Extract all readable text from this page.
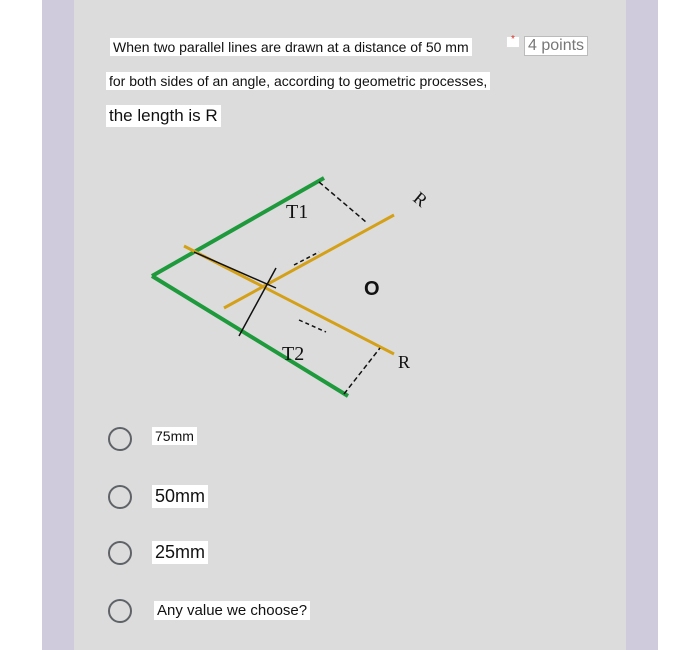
When two parallel lines are drawn at a distance of 50 mm
for both sides of an angle, according to geometric processes,
the length is R
* 4 points
T1
T2
O
R
R
75mm
50mm
25mm
Any value we choose?
